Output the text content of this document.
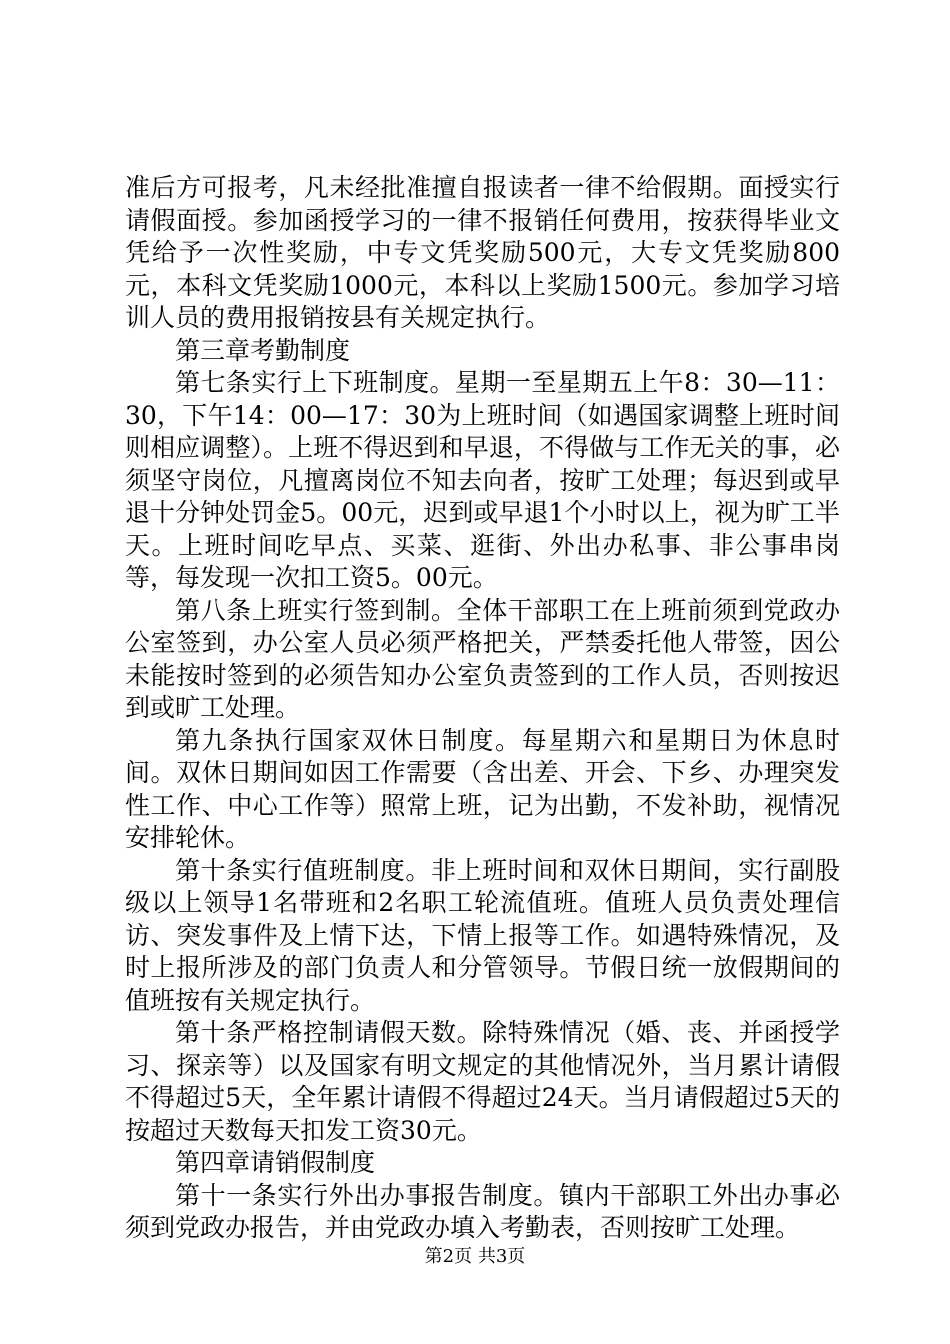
准后方可报考，凡未经批准擅自报读者一律不给假期。面授实行请假面授。参加函授学习的一律不报销任何费用，按获得毕业文凭给予一次性奖励，中专文凭奖励500元，大专文凭奖励800元，本科文凭奖励1000元，本科以上奖励1500元。参加学习培训人员的费用报销按县有关规定执行。

第三章考勤制度

第七条实行上下班制度。星期一至星期五上午8：30—11：30，下午14：00—17：30为上班时间（如遇国家调整上班时间则相应调整）。上班不得迟到和早退，不得做与工作无关的事，必须坚守岗位，凡擅离岗位不知去向者，按旷工处理；每迟到或早退十分钟处罚金5。00元，迟到或早退1个小时以上，视为旷工半天。上班时间吃早点、买菜、逛街、外出办私事、非公事串岗等，每发现一次扣工资5。00元。

第八条上班实行签到制。全体干部职工在上班前须到党政办公室签到，办公室人员必须严格把关，严禁委托他人带签，因公未能按时签到的必须告知办公室负责签到的工作人员，否则按迟到或旷工处理。

第九条执行国家双休日制度。每星期六和星期日为休息时间。双休日期间如因工作需要（含出差、开会、下乡、办理突发性工作、中心工作等）照常上班，记为出勤，不发补助，视情况安排轮休。

第十条实行值班制度。非上班时间和双休日期间，实行副股级以上领导1名带班和2名职工轮流值班。值班人员负责处理信访、突发事件及上情下达，下情上报等工作。如遇特殊情况，及时上报所涉及的部门负责人和分管领导。节假日统一放假期间的值班按有关规定执行。

第十条严格控制请假天数。除特殊情况（婚、丧、并函授学习、探亲等）以及国家有明文规定的其他情况外，当月累计请假不得超过5天，全年累计请假不得超过24天。当月请假超过5天的按超过天数每天扣发工资30元。

第四章请销假制度

第十一条实行外出办事报告制度。镇内干部职工外出办事必须到党政办报告，并由党政办填入考勤表，否则按旷工处理。

第2页 共3页
